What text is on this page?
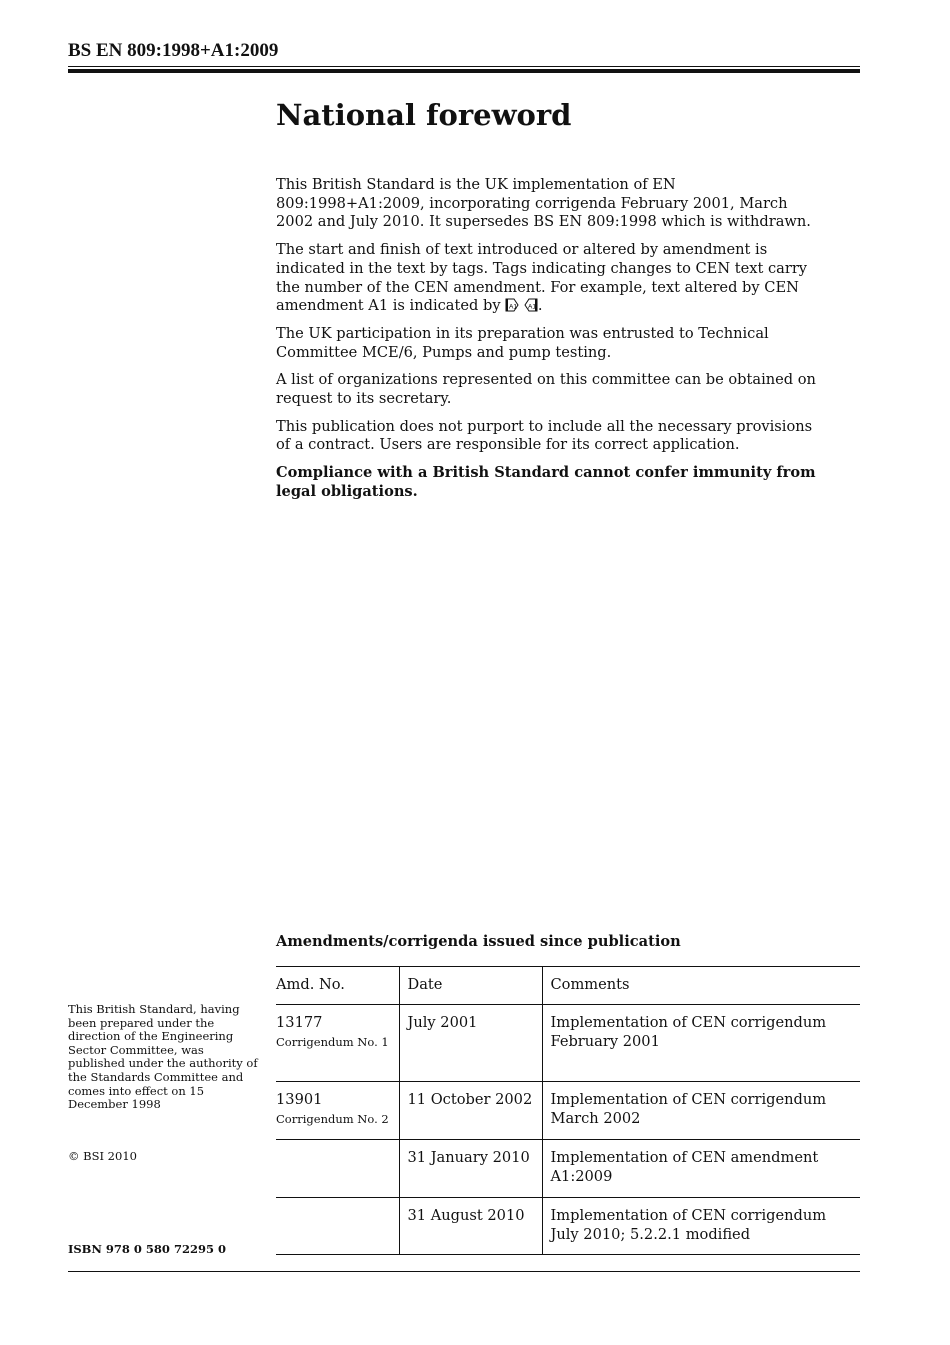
BS EN 809:1998+A1:2009
National foreword

This British Standard is the UK implementation of EN 809:1998+A1:2009, incorporating corrigenda February 2001, March 2002 and July 2010. It supersedes BS EN 809:1998 which is withdrawn.

The start and finish of text introduced or altered by amendment is indicated in the text by tags. Tags indicating changes to CEN text carry the number of the CEN amendment. For example, text altered by CEN amendment A1 is indicated by A1
A1 .

The UK participation in its preparation was entrusted to Technical Committee MCE/6, Pumps and pump testing.

A list of organizations represented on this committee can be obtained on request to its secretary.

This publication does not purport to include all the necessary provisions of a contract. Users are responsible for its correct application.

Compliance with a British Standard cannot confer immunity from legal obligations.

This British Standard, having been prepared under the direction of the Engineering Sector Committee, was published under the authority of the Standards Committee and comes into effect on 15 December 1998
© BSI 2010
ISBN 978 0 580 72295 0
Amendments/corrigenda issued since publication
Amd. No.	Date	Comments
13177
Corrigendum No. 1	July 2001	Implementation of CEN corrigendum February 2001
13901
Corrigendum No. 2	11 October 2002	Implementation of CEN corrigendum March 2002

	31 January 2010	Implementation of CEN amendment A1:2009

	31 August 2010	Implementation of CEN corrigendum July 2010; 5.2.2.1 modified
